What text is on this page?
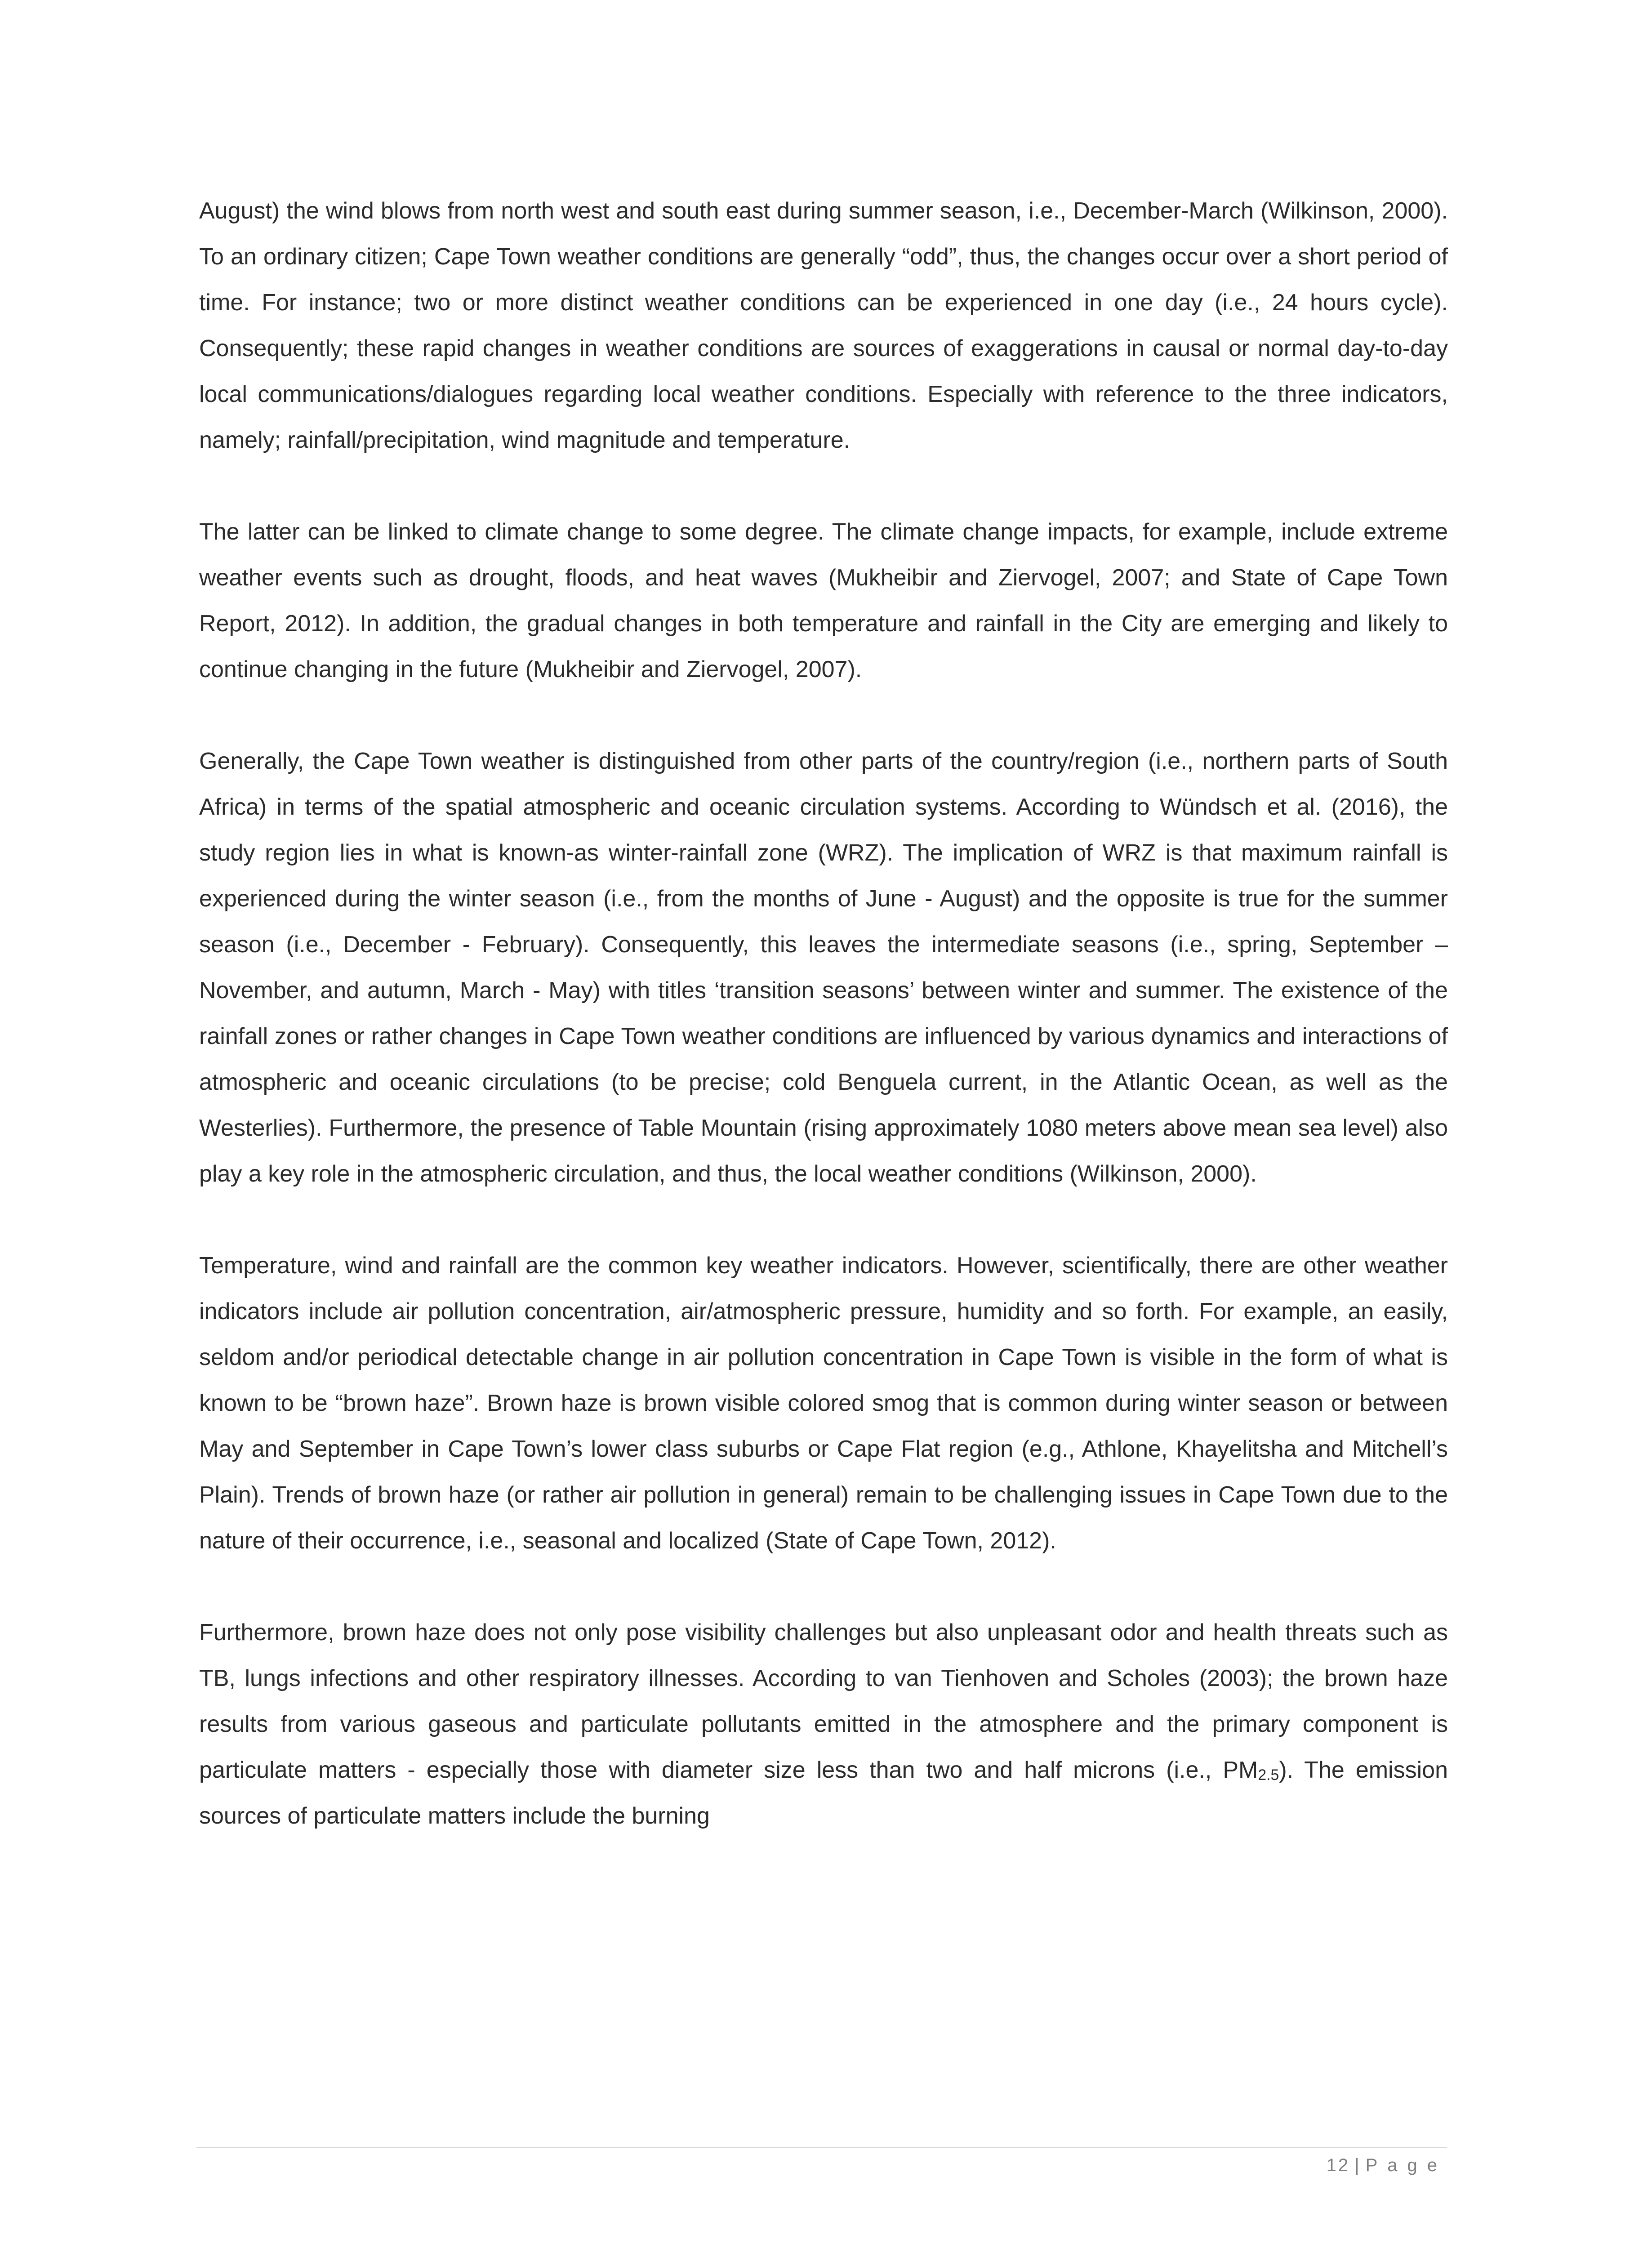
August) the wind blows from north west and south east during summer season, i.e., December-March (Wilkinson, 2000). To an ordinary citizen; Cape Town weather conditions are generally “odd”, thus, the changes occur over a short period of time. For instance; two or more distinct weather conditions can be experienced in one day (i.e., 24 hours cycle). Consequently; these rapid changes in weather conditions are sources of exaggerations in causal or normal day-to-day local communications/dialogues regarding local weather conditions. Especially with reference to the three indicators, namely; rainfall/precipitation, wind magnitude and temperature.

The latter can be linked to climate change to some degree. The climate change impacts, for example, include extreme weather events such as drought, floods, and heat waves (Mukheibir and Ziervogel, 2007; and State of Cape Town Report, 2012). In addition, the gradual changes in both temperature and rainfall in the City are emerging and likely to continue changing in the future (Mukheibir and Ziervogel, 2007).

Generally, the Cape Town weather is distinguished from other parts of the country/region (i.e., northern parts of South Africa) in terms of the spatial atmospheric and oceanic circulation systems. According to Wündsch et al. (2016), the study region lies in what is known-as winter-rainfall zone (WRZ). The implication of WRZ is that maximum rainfall is experienced during the winter season (i.e., from the months of June - August) and the opposite is true for the summer season (i.e., December - February). Consequently, this leaves the intermediate seasons (i.e., spring, September – November, and autumn, March - May) with titles ‘transition seasons’ between winter and summer. The existence of the rainfall zones or rather changes in Cape Town weather conditions are influenced by various dynamics and interactions of atmospheric and oceanic circulations (to be precise; cold Benguela current, in the Atlantic Ocean, as well as the Westerlies). Furthermore, the presence of Table Mountain (rising approximately 1080 meters above mean sea level) also play a key role in the atmospheric circulation, and thus, the local weather conditions (Wilkinson, 2000).

Temperature, wind and rainfall are the common key weather indicators. However, scientifically, there are other weather indicators include air pollution concentration, air/atmospheric pressure, humidity and so forth. For example, an easily, seldom and/or periodical detectable change in air pollution concentration in Cape Town is visible in the form of what is known to be “brown haze”. Brown haze is brown visible colored smog that is common during winter season or between May and September in Cape Town’s lower class suburbs or Cape Flat region (e.g., Athlone, Khayelitsha and Mitchell’s Plain). Trends of brown haze (or rather air pollution in general) remain to be challenging issues in Cape Town due to the nature of their occurrence, i.e., seasonal and localized (State of Cape Town, 2012).

Furthermore, brown haze does not only pose visibility challenges but also unpleasant odor and health threats such as TB, lungs infections and other respiratory illnesses. According to van Tienhoven and Scholes (2003); the brown haze results from various gaseous and particulate pollutants emitted in the atmosphere and the primary component is particulate matters - especially those with diameter size less than two and half microns (i.e., PM2.5). The emission sources of particulate matters include the burning

12 | Page
